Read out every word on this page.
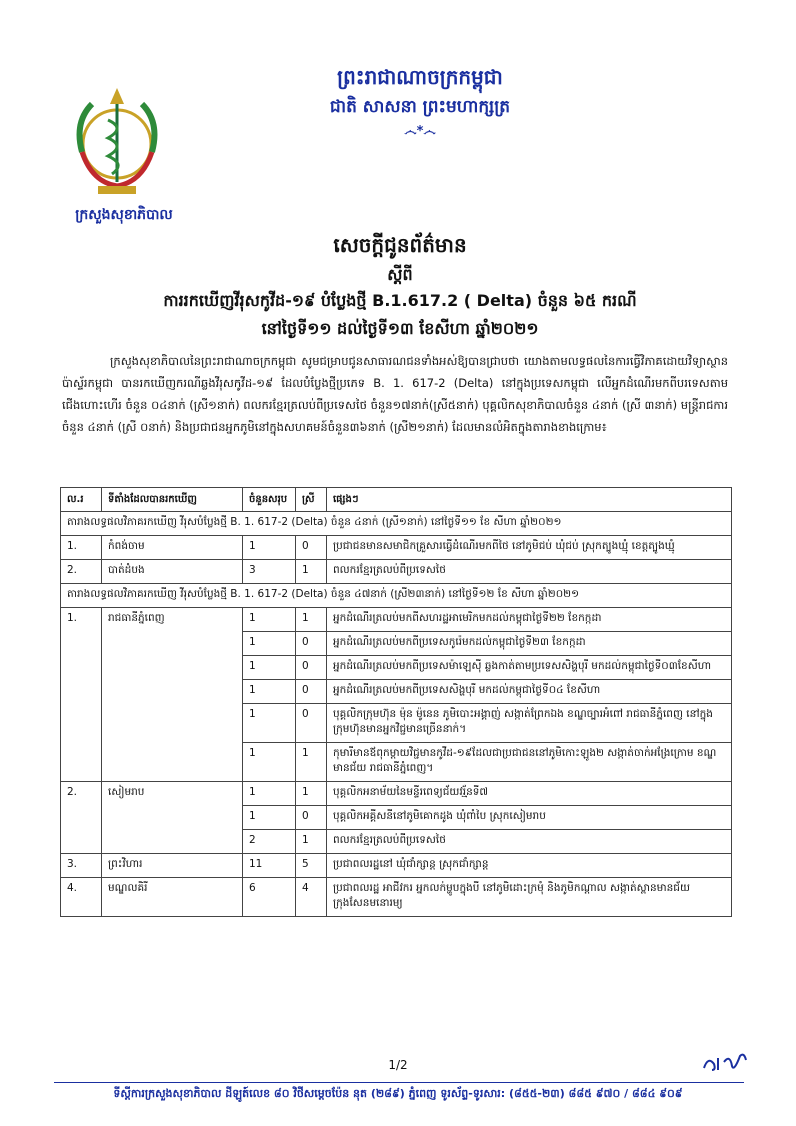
ក្រសួងសុខាភិបាល
ព្រះរាជាណាចក្រកម្ពុជា
ជាតិ សាសនា ព្រះមហាក្សត្រ
෴*෴
សេចក្តីជូនព័ត៌មាន
ស្តីពី
ការរកឃើញវីរុសកូវីដ-១៩ បំប្លែងថ្មី B.1.617.2 ( Delta) ចំនួន ៦៥ ករណី
នៅថ្ងៃទី១១ ដល់ថ្ងៃទី១៣ ខែសីហា ឆ្នាំ២០២១
ក្រសួងសុខាភិបាលនៃព្រះរាជាណាចក្រកម្ពុជា សូមជម្រាបជូនសាធារណជនទាំងអស់ឱ្យបានជ្រាបថា យោងតាមលទ្ធផលនៃការធ្វើវិភាគដោយវិទ្យាស្ថានប៉ាស្ទ័រកម្ពុជា បានរកឃើញករណីឆ្លងវីរុសកូវីដ-១៩ ដែលបំប្លែងថ្មីប្រភេទ B. 1. 617-2 (Delta) នៅក្នុងប្រទេសកម្ពុជា លើអ្នកដំណើរមកពីបរទេសតាមជើងហោះហើរ ចំនួន ០៤នាក់ (ស្រី១នាក់) ពលករខ្មែរត្រលប់ពីប្រទេសថៃ ចំនួន១៧នាក់(ស្រី៥នាក់) បុគ្គលិកសុខាភិបាលចំនួន ៤នាក់ (ស្រី ៣នាក់) មន្ត្រីរាជការចំនួន ៤នាក់ (ស្រី ០នាក់) និងប្រជាជនអ្នកភូមិនៅក្នុងសហគមន៍ចំនួន៣៦នាក់ (ស្រី២១នាក់) ដែលមានលំអិតក្នុងតារាងខាងក្រោម៖
ល.រ	ទីតាំងដែលបានរកឃើញ	ចំនួនសរុប	ស្រី	ផ្សេងៗ
តារាងលទ្ធផលវិភាគរកឃើញ វីរុសបំប្លែងថ្មី B. 1. 617-2 (Delta) ចំនួន ៤នាក់ (ស្រី១នាក់) នៅថ្ងៃទី១១ ខែ សីហា ឆ្នាំ២០២១				
1.	កំពង់ចាម	1	0	ប្រជាជនមានសមាជិកគ្រួសារធ្វើដំណើរមកពីថៃ នៅភូមិជប់ ឃុំជប់ ស្រុកត្បូងឃ្មុំ ខេត្តត្បូងឃ្មុំ
2.	បាត់ដំបង	3	1	ពលករខ្មែរត្រលប់ពីប្រទេសថៃ
តារាងលទ្ធផលវិភាគរកឃើញ វីរុសបំប្លែងថ្មី B. 1. 617-2 (Delta) ចំនួន ៤៧នាក់ (ស្រី២៣នាក់) នៅថ្ងៃទី១២ ខែ សីហា ឆ្នាំ២០២១				
1.	រាជធានីភ្នំពេញ	1	1	អ្នកដំណើរត្រលប់មកពីសហរដ្ឋអាមេរិកមកដល់កម្ពុជាថ្ងៃទី២២ ខែកក្កដា
		1	0	អ្នកដំណើរត្រលប់មកពីប្រទេសកូរ៉េមកដល់កម្ពុជាថ្ងៃទី២៣ ខែកក្កដា
		1	0	អ្នកដំណើរត្រលប់មកពីប្រទេសម៉ាឡេស៊ី ឆ្លងកាត់តាមប្រទេសសិង្ហបុរី មកដល់កម្ពុជាថ្ងៃទី០៣ខែសីហា
		1	0	អ្នកដំណើរត្រលប់មកពីប្រទេសសិង្ហបុរី មកដល់កម្ពុជាថ្ងៃទី០៤ ខែសីហា
		1	0	បុគ្គលិកក្រុមហ៊ុន ម៉ុន ម៉ូនេន ភូមិបោះអង្គាញ់ សង្កាត់ព្រែកឯង ខណ្ឌច្បារអំពៅ រាជធានីភ្នំពេញ នៅក្នុងក្រុមហ៊ុនមានអ្នកវិជ្ជមានច្រើននាក់។
		1	1	កុមារីមានឪពុកម្តាយវិជ្ជមានកូវីដ-១៩ដែលជាប្រជាជននៅភូមិកោះឡូង២ សង្កាត់ចាក់អង្រែក្រោម ខណ្ឌមានជ័យ រាជធានីភ្នំពេញ។
2.	សៀមរាប	1	1	បុគ្គលិកអនាម័យនៃមន្ទីរពេទ្យជ័យវរ្ម័នទី៧
		1	0	បុគ្គលិកអគ្គីសនីនៅភូមិគោកដូង ឃុំពាំបៃ ស្រុកសៀមរាប
		2	1	ពលករខ្មែរត្រលប់ពីប្រទេសថៃ
3.	ព្រះវិហារ	11	5	ប្រជាពលរដ្ឋនៅ ឃុំជាំក្សាន្ត ស្រុកជាំក្សាន្ត
4.	មណ្ឌលគិរី	6	4	ប្រជាពលរដ្ឋ អាជីវករ អ្នកលក់ម្ហូបក្នុងបី នៅភូមិដោះក្រមុំ និងភូមិកណ្តាល សង្កាត់ស្ពានមានជ័យ ក្រុងសែនមនោរម្យ
1/2
ទីស្តីការក្រសួងសុខាភិបាល ដីឡូត៍លេខ ៨០ វិថីសម្តេចប៉ែន នុត (២៨៩) ភ្នំពេញ ទូរស័ព្ទ-ទូរសារ: (៨៥៥-២៣) ៨៨៥ ៩៧០ / ៨៨៤ ៩០៩
